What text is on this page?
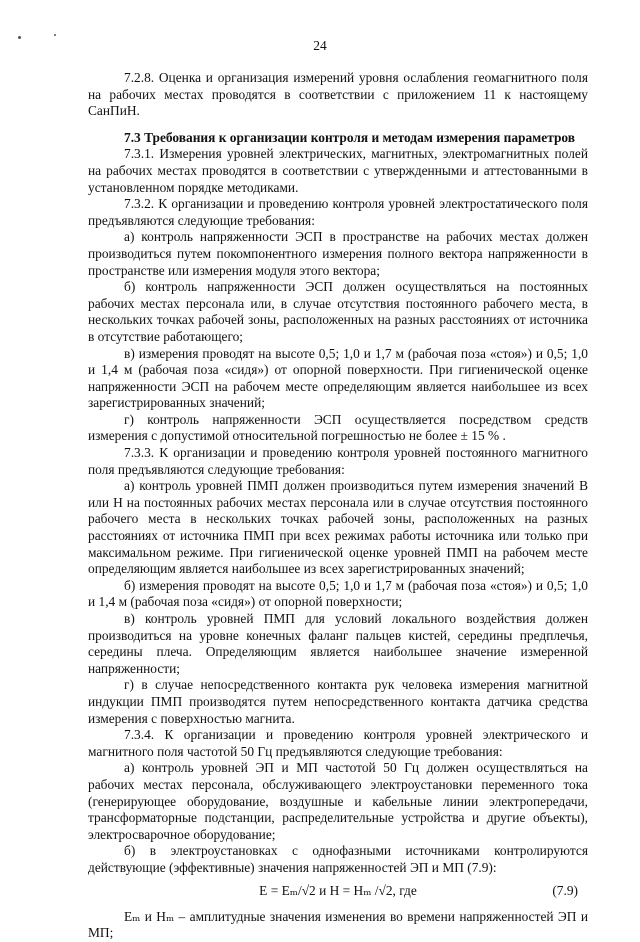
24

7.2.8. Оценка и организация измерений уровня ослабления геомагнитного поля на рабочих местах проводятся в соответствии с приложением 11 к настоящему СанПиН.

7.3 Требования к организации контроля и методам измерения параметров

7.3.1. Измерения уровней электрических, магнитных, электромагнитных полей на рабочих местах проводятся в соответствии с утвержденными и аттестованными в установленном порядке методиками.

7.3.2. К организации и проведению контроля уровней электростатического поля предъявляются следующие требования:

а) контроль напряженности ЭСП в пространстве на рабочих местах должен производиться путем покомпонентного измерения полного вектора напряженности в пространстве или измерения модуля этого вектора;

б) контроль напряженности ЭСП должен осуществляться на постоянных рабочих местах персонала или, в случае отсутствия постоянного рабочего места, в нескольких точках рабочей зоны, расположенных на разных расстояниях от источника в отсутствие работающего;

в) измерения проводят на высоте 0,5; 1,0 и 1,7 м (рабочая поза «стоя») и 0,5; 1,0 и 1,4 м (рабочая поза «сидя») от опорной поверхности. При гигиенической оценке напряженности ЭСП на рабочем месте определяющим является наибольшее из всех зарегистрированных значений;

г) контроль напряженности ЭСП осуществляется посредством средств измерения с допустимой относительной погрешностью не более ± 15 % .

7.3.3. К организации и проведению контроля уровней постоянного магнитного поля предъявляются следующие требования:

а) контроль уровней ПМП должен производиться путем измерения значений В или Н на постоянных рабочих местах персонала или в случае отсутствия постоянного рабочего места в нескольких точках рабочей зоны, расположенных на разных расстояниях от источника ПМП при всех режимах работы источника или только при максимальном режиме. При гигиенической оценке уровней ПМП на рабочем месте определяющим является наибольшее из всех зарегистрированных значений;

б) измерения проводят на высоте 0,5; 1,0 и 1,7 м (рабочая поза «стоя») и 0,5; 1,0 и 1,4 м (рабочая поза «сидя») от опорной поверхности;

в) контроль уровней ПМП для условий локального воздействия должен производиться на уровне конечных фаланг пальцев кистей, середины предплечья, середины плеча. Определяющим является наибольшее значение измеренной напряженности;

г) в случае непосредственного контакта рук человека измерения магнитной индукции ПМП производятся путем непосредственного контакта датчика средства измерения с поверхностью магнита.

7.3.4. К организации и проведению контроля уровней электрического и магнитного поля частотой 50 Гц предъявляются следующие требования:

а) контроль уровней ЭП и МП частотой 50 Гц должен осуществляться на рабочих местах персонала, обслуживающего электроустановки переменного тока (генерирующее оборудование, воздушные и кабельные линии электропередачи, трансформаторные подстанции, распределительные устройства и другие объекты), электросварочное оборудование;

б) в электроустановках с однофазными источниками контролируются действующие (эффективные) значения напряженностей ЭП и МП (7.9):

E = Eₘ/√2 и H = Hₘ /√2, где	(7.9)

Eₘ и Hₘ – амплитудные значения изменения во времени напряженностей ЭП и МП;
